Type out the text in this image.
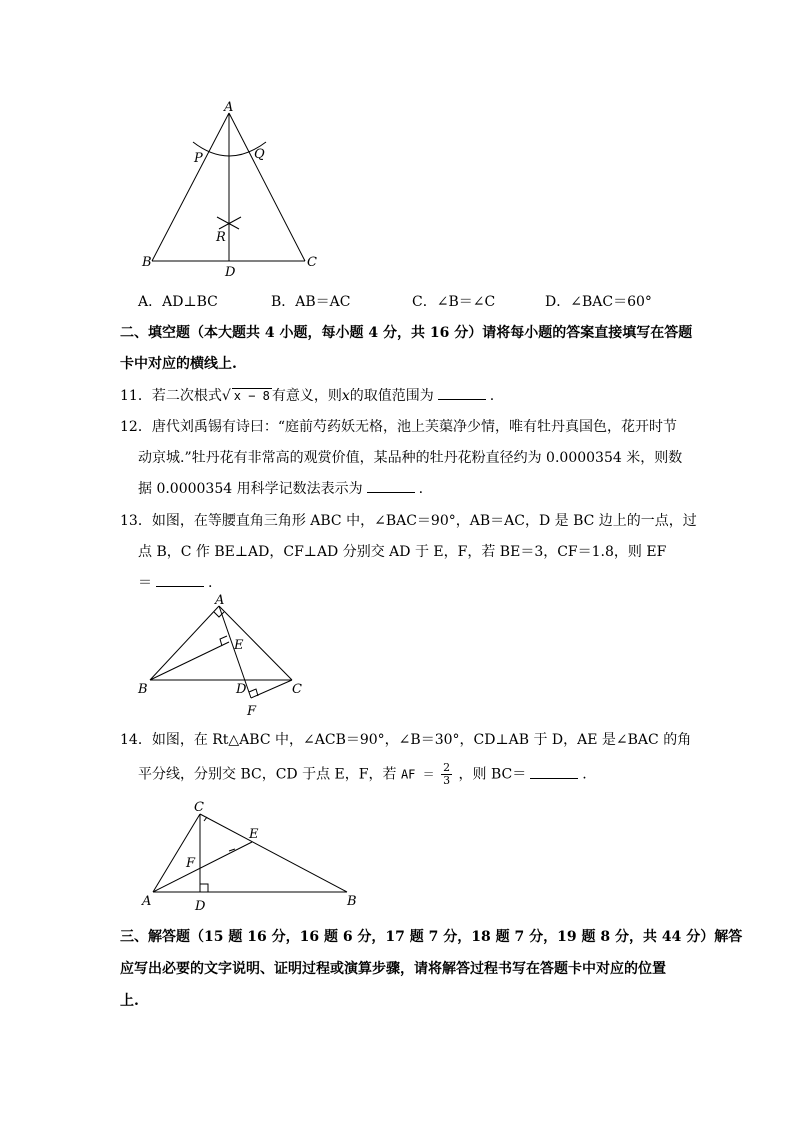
A
P	Q
R
B
D
C
A．AD⊥BC	B．AB＝AC	C．∠B＝∠C	D．∠BAC＝60°
二、填空题（本大题共 4 小题，每小题 4 分，共 16 分）请将每小题的答案直接填写在答题
卡中对应的横线上.
11．若二次根式√ x − 8 有意义，则x的取值范围为	.
12．唐代刘禹锡有诗曰：“庭前芍药妖无格，池上芙蕖净少情，唯有牡丹真国色，花开时节
动京城.”牡丹花有非常高的观赏价值，某品种的牡丹花粉直径约为 0.0000354 米，则数
据 0.0000354 用科学记数法表示为	.
13．如图，在等腰直角三角形 ABC 中，∠BAC＝90°，AB＝AC，D 是 BC 边上的一点，过
点 B，C 作 BE⊥AD，CF⊥AD 分别交 AD 于 E，F，若 BE＝3，CF＝1.8，则 EF
＝	.
A
E
B	D	C
F
14．如图，在 Rt△ABC 中，∠ACB＝90°，∠B＝30°，CD⊥AB 于 D，AE 是∠BAC 的角
平分线，分别交 BC，CD 于点 E，F，若 AF ＝ $\frac{2}{3}$ ，则 BC＝	.
C
E
F
A	D	B
三、解答题（15 题 16 分，16 题 6 分，17 题 7 分，18 题 7 分，19 题 8 分，共 44 分）解答
应写出必要的文字说明、证明过程或演算步骤，请将解答过程书写在答题卡中对应的位置
上.
